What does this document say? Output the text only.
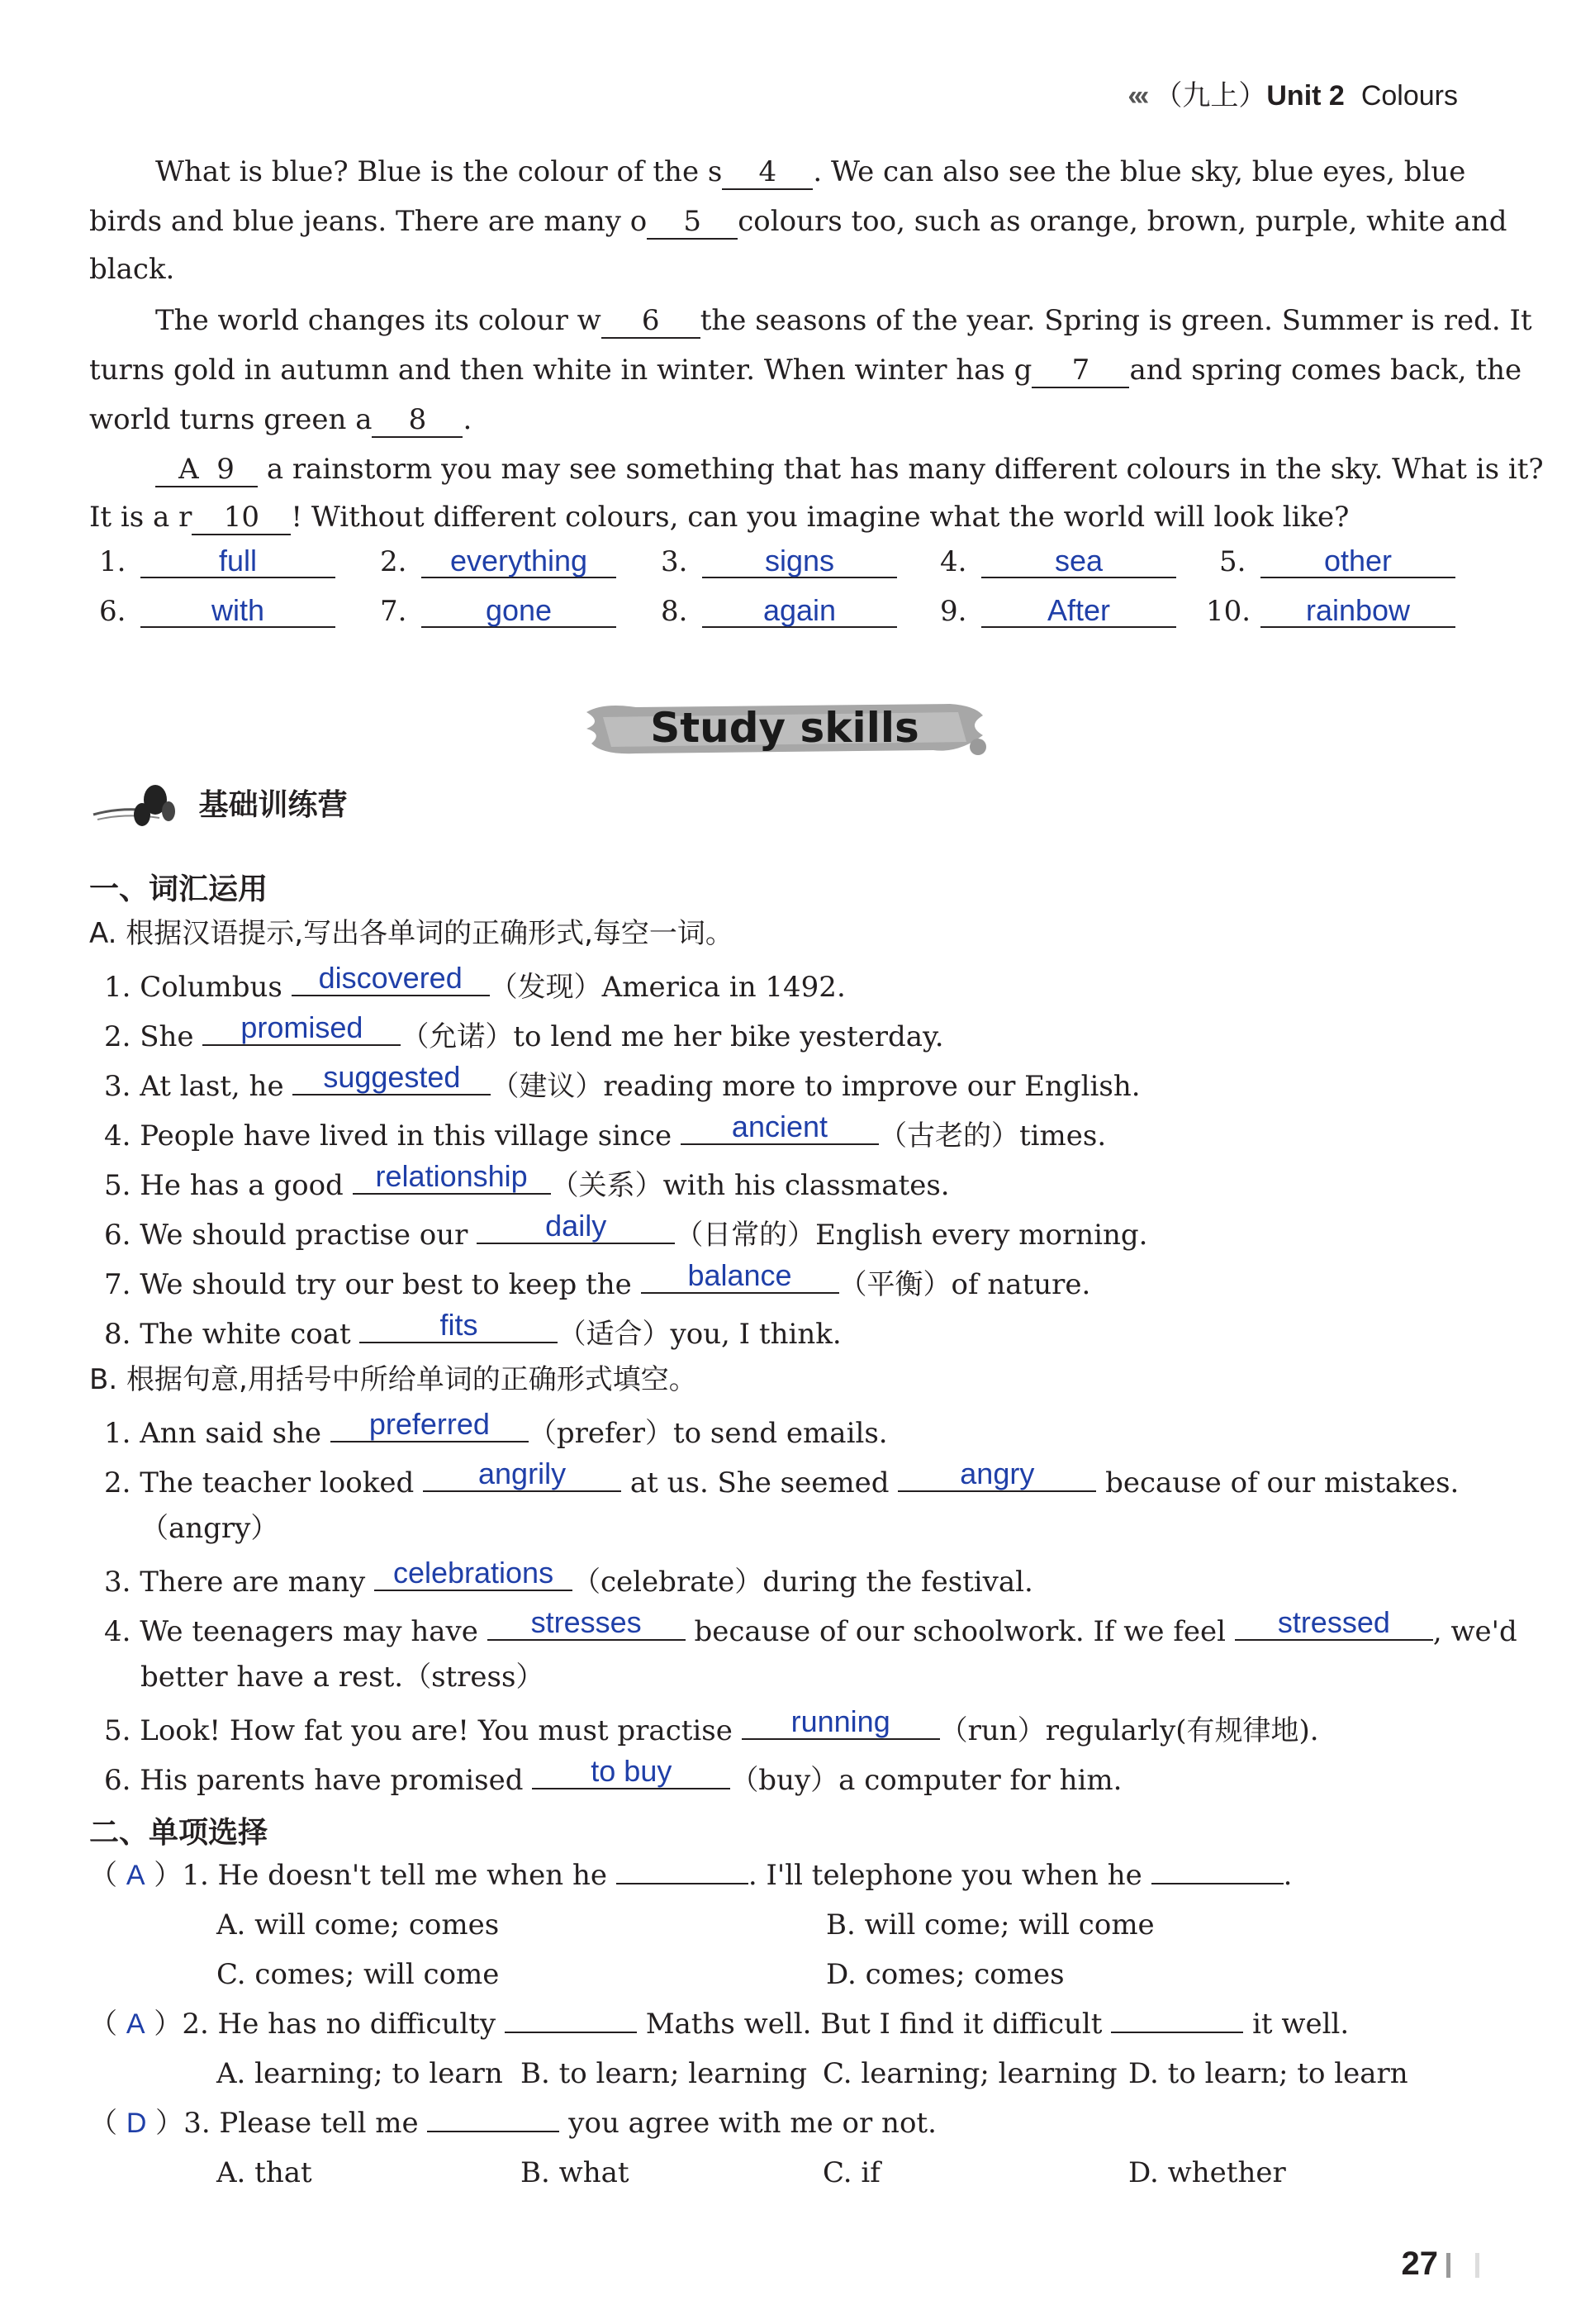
‹‹‹ （九上）Unit 2 Colours
What is blue? Blue is the colour of the s 4 . We can also see the blue sky, blue eyes, blue
birds and blue jeans. There are many o 5 colours too, such as orange, brown, purple, white and
black.
The world changes its colour w 6 the seasons of the year. Spring is green. Summer is red. It
turns gold in autumn and then white in winter. When winter has g 7 and spring comes back, the
world turns green a 8 .
A 9 a rainstorm you may see something that has many different colours in the sky. What is it?
It is a r 10 ! Without different colours, can you imagine what the world will look like?
1.	full	2. everything	3.	signs	4.	sea	5.	other
6.	with	7.	gone	8.	again	9.	After	10. rainbow
Study skills
基础训练营
一、词汇运用
A. 根据汉语提示,写出各单词的正确形式,每空一词。
1. Columbus	discovered （发现）America in 1492.
2. She	promised	（允诺）to lend me her bike yesterday.
3. At last, he	suggested	（建议）reading more to improve our English.
4. People have lived in this village since	ancient	（古老的）times.
5. He has a good	relationship （关系）with his classmates.
6. We should practise our	daily	（日常的）English every morning.
7. We should try our best to keep the	balance	（平衡）of nature.
8. The white coat	fits	（适合）you, I think.
B. 根据句意,用括号中所给单词的正确形式填空。
1. Ann said she	preferred	（prefer）to send emails.
2. The teacher looked	angrily	at us. She seemed	angry	because of our mistakes.
（angry）
3. There are many celebrations （celebrate）during the festival.
4. We teenagers may have	stresses	because of our schoolwork. If we feel	stressed	, we'd
better have a rest.（stress）
5. Look! How fat you are! You must practise	running	（run）regularly(有规律地).
6. His parents have promised	to buy	（buy）a computer for him.
二、单项选择
（ A ）1. He doesn't tell me when he	. I'll telephone you when he	.
A. will come; comes	B. will come; will come
C. comes; will come	D. comes; comes
（ A ）2. He has no difficulty	Maths well. But I find it difficult	it well.
A. learning; to learn B. to learn; learning C. learning; learning D. to learn; to learn
（ D ）3. Please tell me	you agree with me or not.
A. that	B. what	C. if	D. whether
27
